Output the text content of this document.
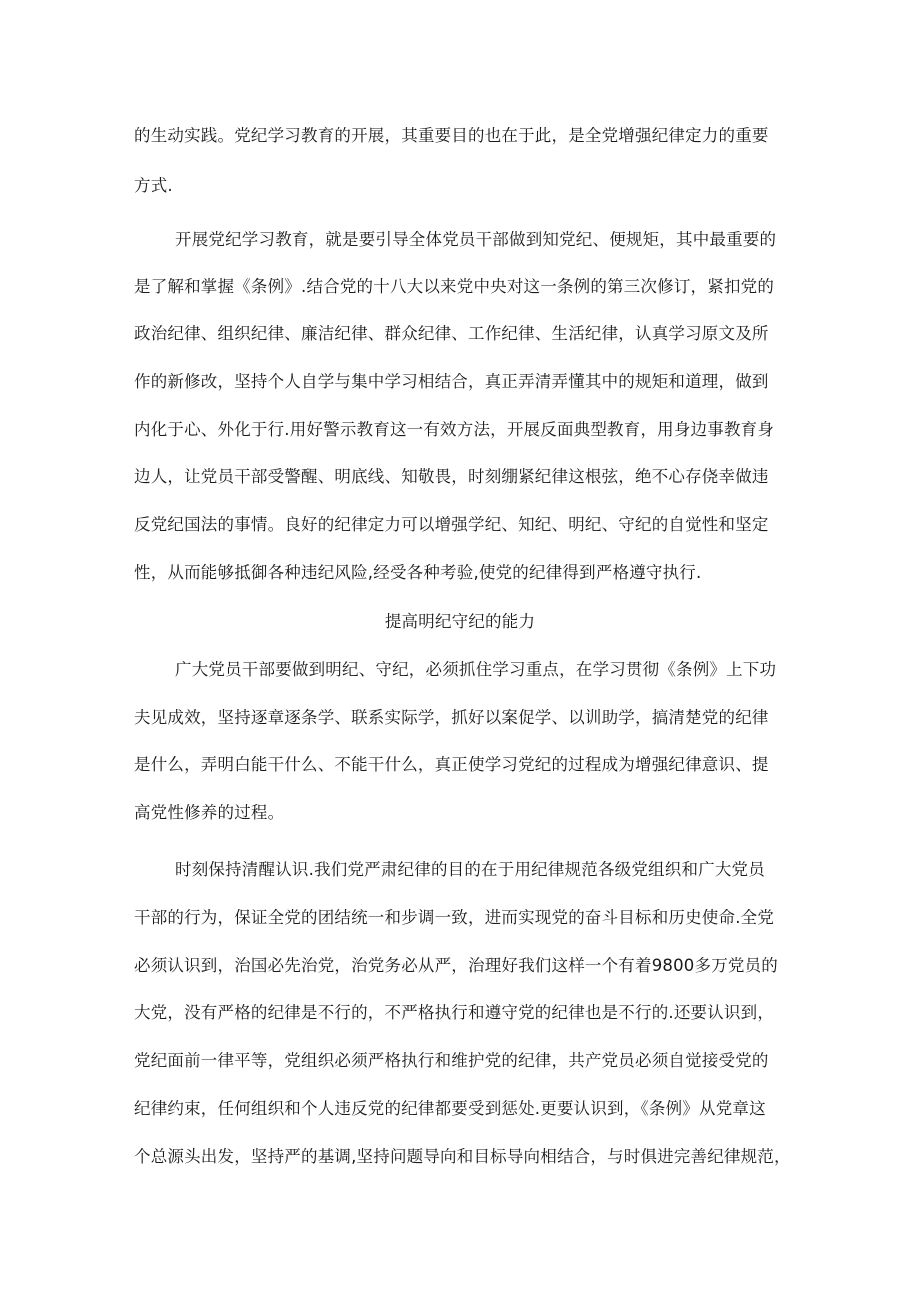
的生动实践。党纪学习教育的开展，其重要目的也在于此，是全党增强纪律定力的重要

方式.

开展党纪学习教育，就是要引导全体党员干部做到知党纪、便规矩，其中最重要的

是了解和掌握《条例》.结合党的十八大以来党中央对这一条例的第三次修订，紧扣党的

政治纪律、组织纪律、廉洁纪律、群众纪律、工作纪律、生活纪律，认真学习原文及所

作的新修改，坚持个人自学与集中学习相结合，真正弄清弄懂其中的规矩和道理，做到

内化于心、外化于行.用好警示教育这一有效方法，开展反面典型教育，用身边事教育身

边人，让党员干部受警醒、明底线、知敬畏，时刻绷紧纪律这根弦，绝不心存侥幸做违

反党纪国法的事情。良好的纪律定力可以增强学纪、知纪、明纪、守纪的自觉性和坚定

性，从而能够抵御各种违纪风险,经受各种考验,使党的纪律得到严格遵守执行.

提高明纪守纪的能力

广大党员干部要做到明纪、守纪，必须抓住学习重点，在学习贯彻《条例》上下功

夫见成效，坚持逐章逐条学、联系实际学，抓好以案促学、以训助学，搞清楚党的纪律

是什么，弄明白能干什么、不能干什么，真正使学习党纪的过程成为增强纪律意识、提

高党性修养的过程。

时刻保持清醒认识.我们党严肃纪律的目的在于用纪律规范各级党组织和广大党员

干部的行为，保证全党的团结统一和步调一致，进而实现党的奋斗目标和历史使命.全党

必须认识到，治国必先治党，治党务必从严，治理好我们这样一个有着9800多万党员的

大党，没有严格的纪律是不行的，不严格执行和遵守党的纪律也是不行的.还要认识到，

党纪面前一律平等，党组织必须严格执行和维护党的纪律，共产党员必须自觉接受党的

纪律约束，任何组织和个人违反党的纪律都要受到惩处.更要认识到，《条例》从党章这

个总源头出发，坚持严的基调,坚持问题导向和目标导向相结合，与时俱进完善纪律规范，
